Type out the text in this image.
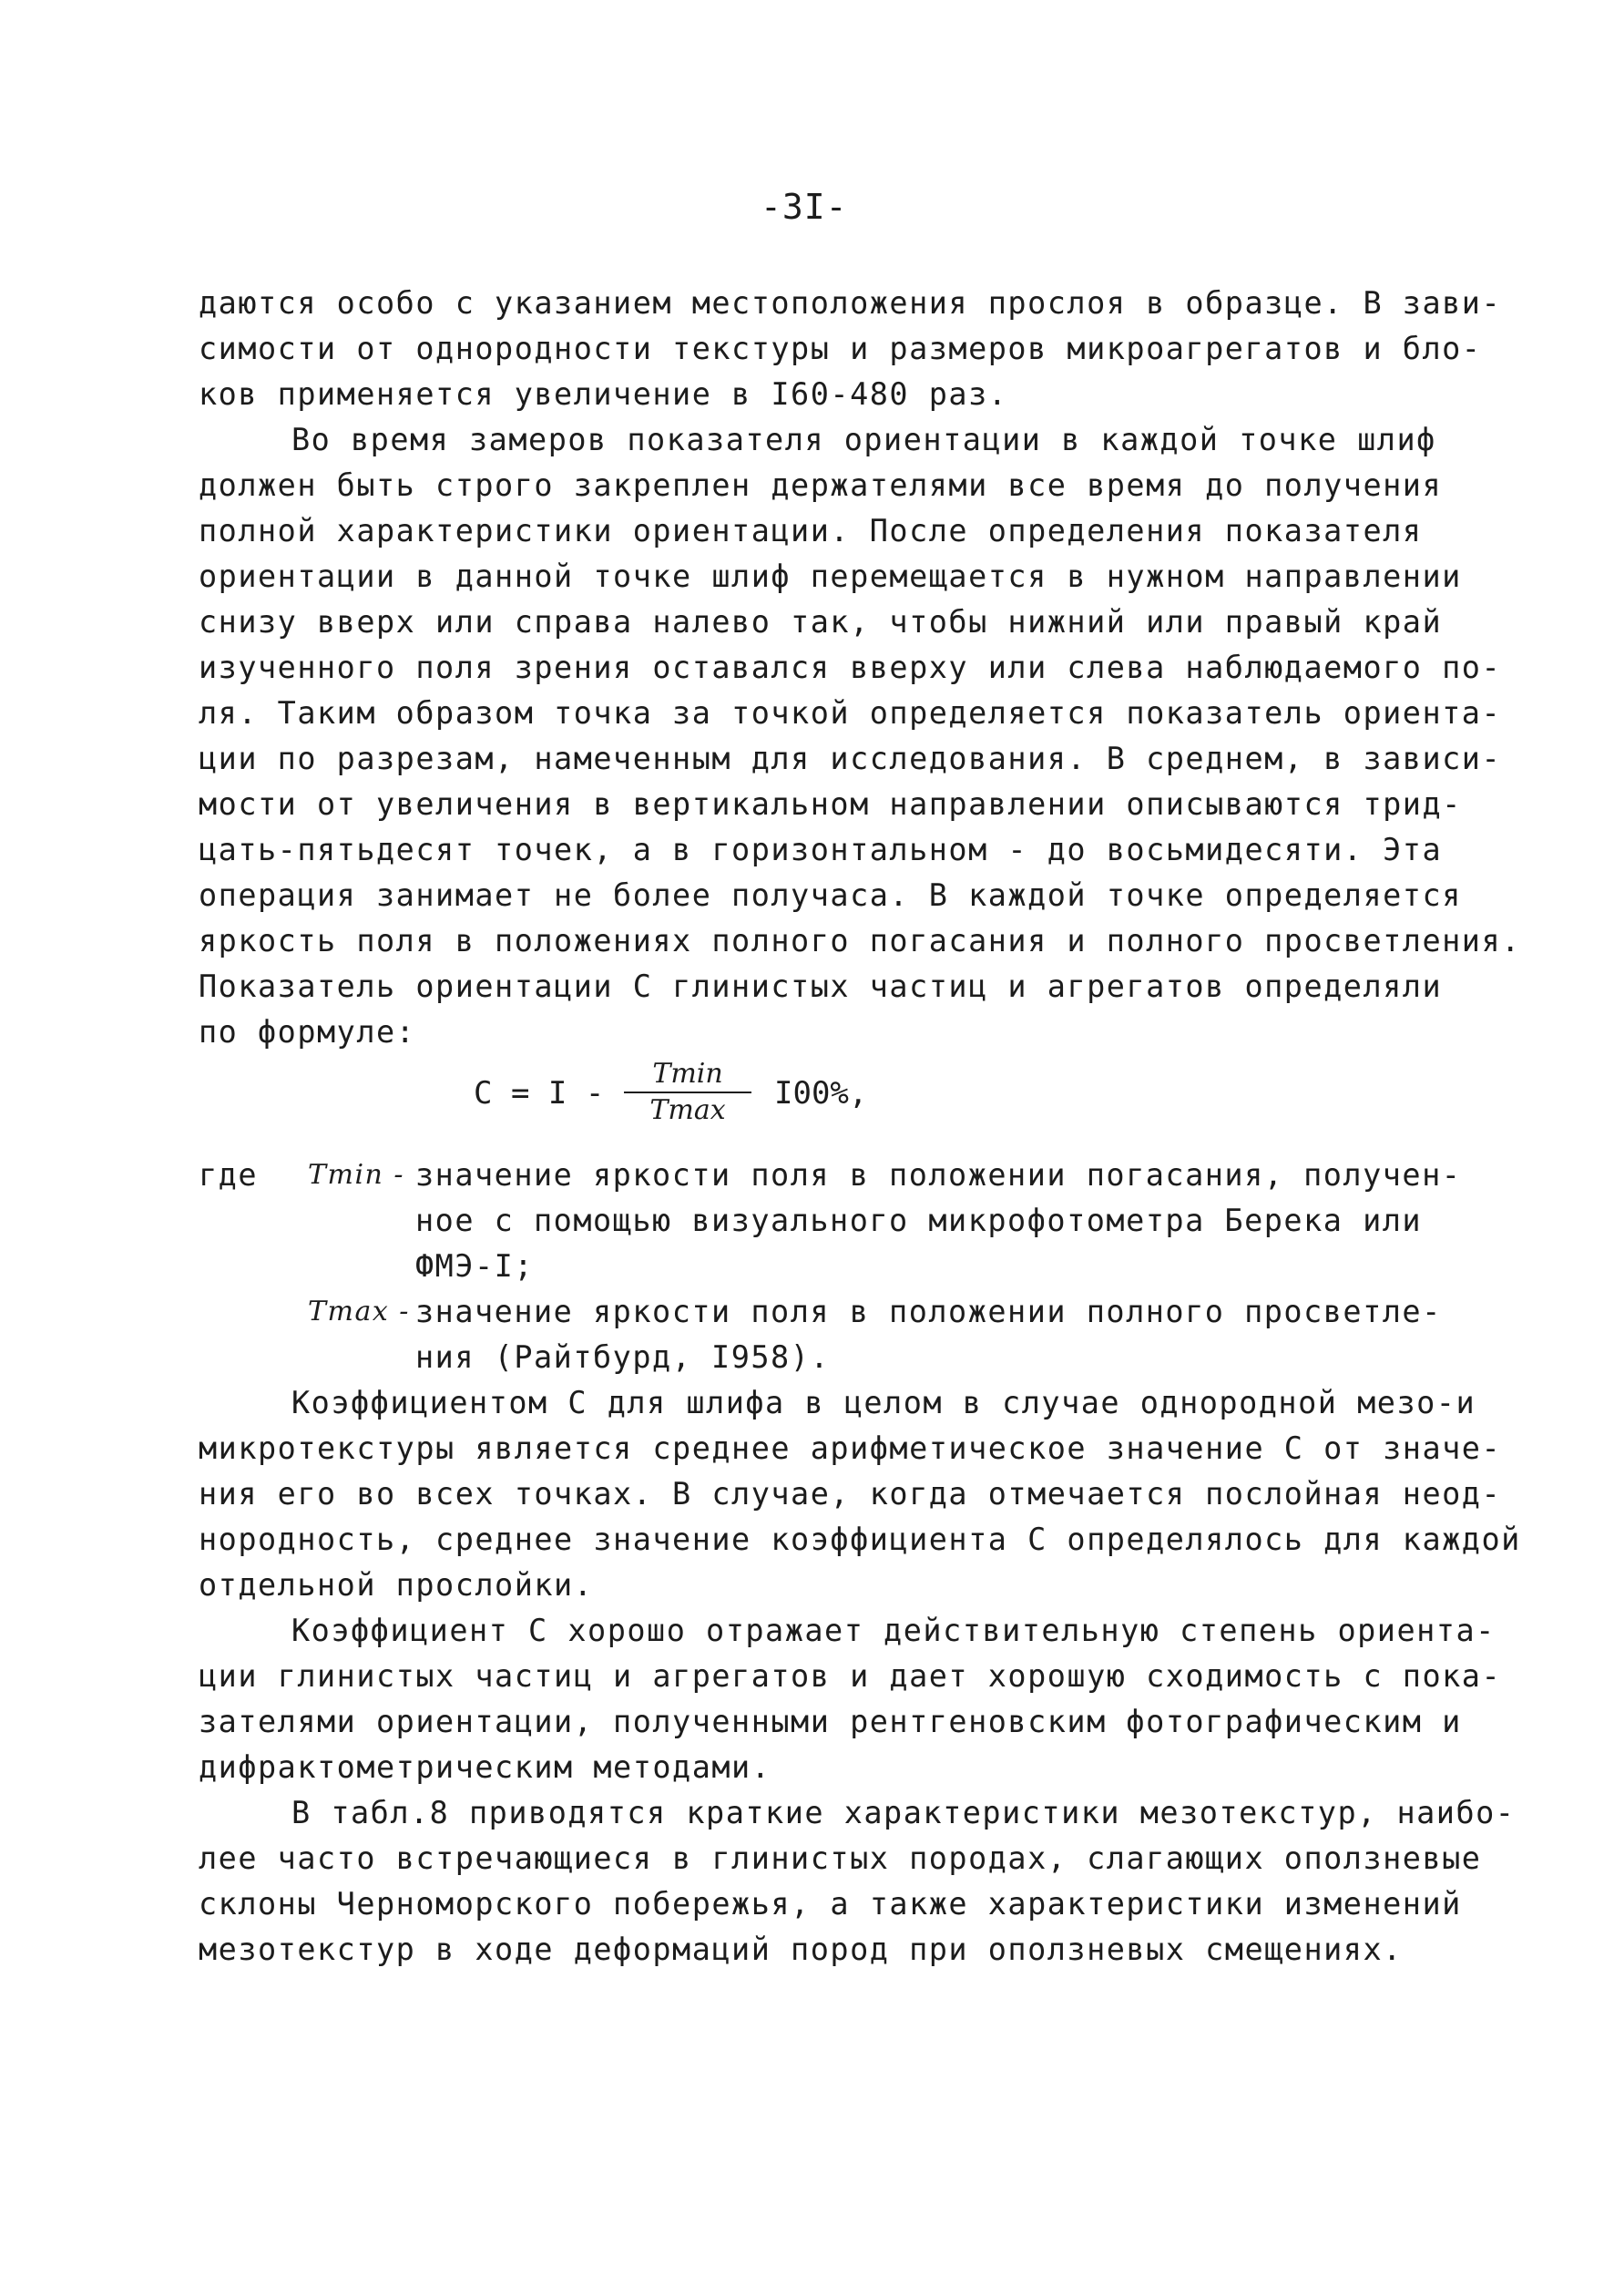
-3I-
даются особо с указанием местоположения прослоя в образце. В зави-
симости от однородности текстуры и размеров микроагрегатов и бло-
ков применяется увеличение в I60-480 раз.
Во время замеров показателя ориентации в каждой точке шлиф
должен быть строго закреплен держателями все время до получения
полной характеристики ориентации. После определения показателя
ориентации в данной точке шлиф перемещается в нужном направлении
снизу вверх или справа налево так, чтобы нижний или правый край
изученного поля зрения оставался вверху или слева наблюдаемого по-
ля. Таким образом точка за точкой определяется показатель ориента-
ции по разрезам, намеченным для исследования. В среднем, в зависи-
мости от увеличения в вертикальном направлении описываются трид-
цать-пятьдесят точек, а в горизонтальном - до восьмидесяти. Эта
операция занимает не более получаса. В каждой точке определяется
яркость поля в положениях полного погасания и полного просветления.
Показатель ориентации С глинистых частиц и агрегатов определяли
по формуле:
С = I -
Tmin
Tmax	I00%,
где Tmin - значение яркости поля в положении погасания, получен-
ное с помощью визуального микрофотометра Берека или
ФМЭ-I;
Tmax - значение яркости поля в положении полного просветле-
ния (Райтбурд, I958).
Коэффициентом С для шлифа в целом в случае однородной мезо-и
микротекстуры является среднее арифметическое значение С от значе-
ния его во всех точках. В случае, когда отмечается послойная неод-
нородность, среднее значение коэффициента С определялось для каждой
отдельной прослойки.
Коэффициент С хорошо отражает действительную степень ориента-
ции глинистых частиц и агрегатов и дает хорошую сходимость с пока-
зателями ориентации, полученными рентгеновским фотографическим и
дифрактометрическим методами.
В табл.8 приводятся краткие характеристики мезотекстур, наибо-
лее часто встречающиеся в глинистых породах, слагающих оползневые
склоны Черноморского побережья, а также характеристики изменений
мезотекстур в ходе деформаций пород при оползневых смещениях.
